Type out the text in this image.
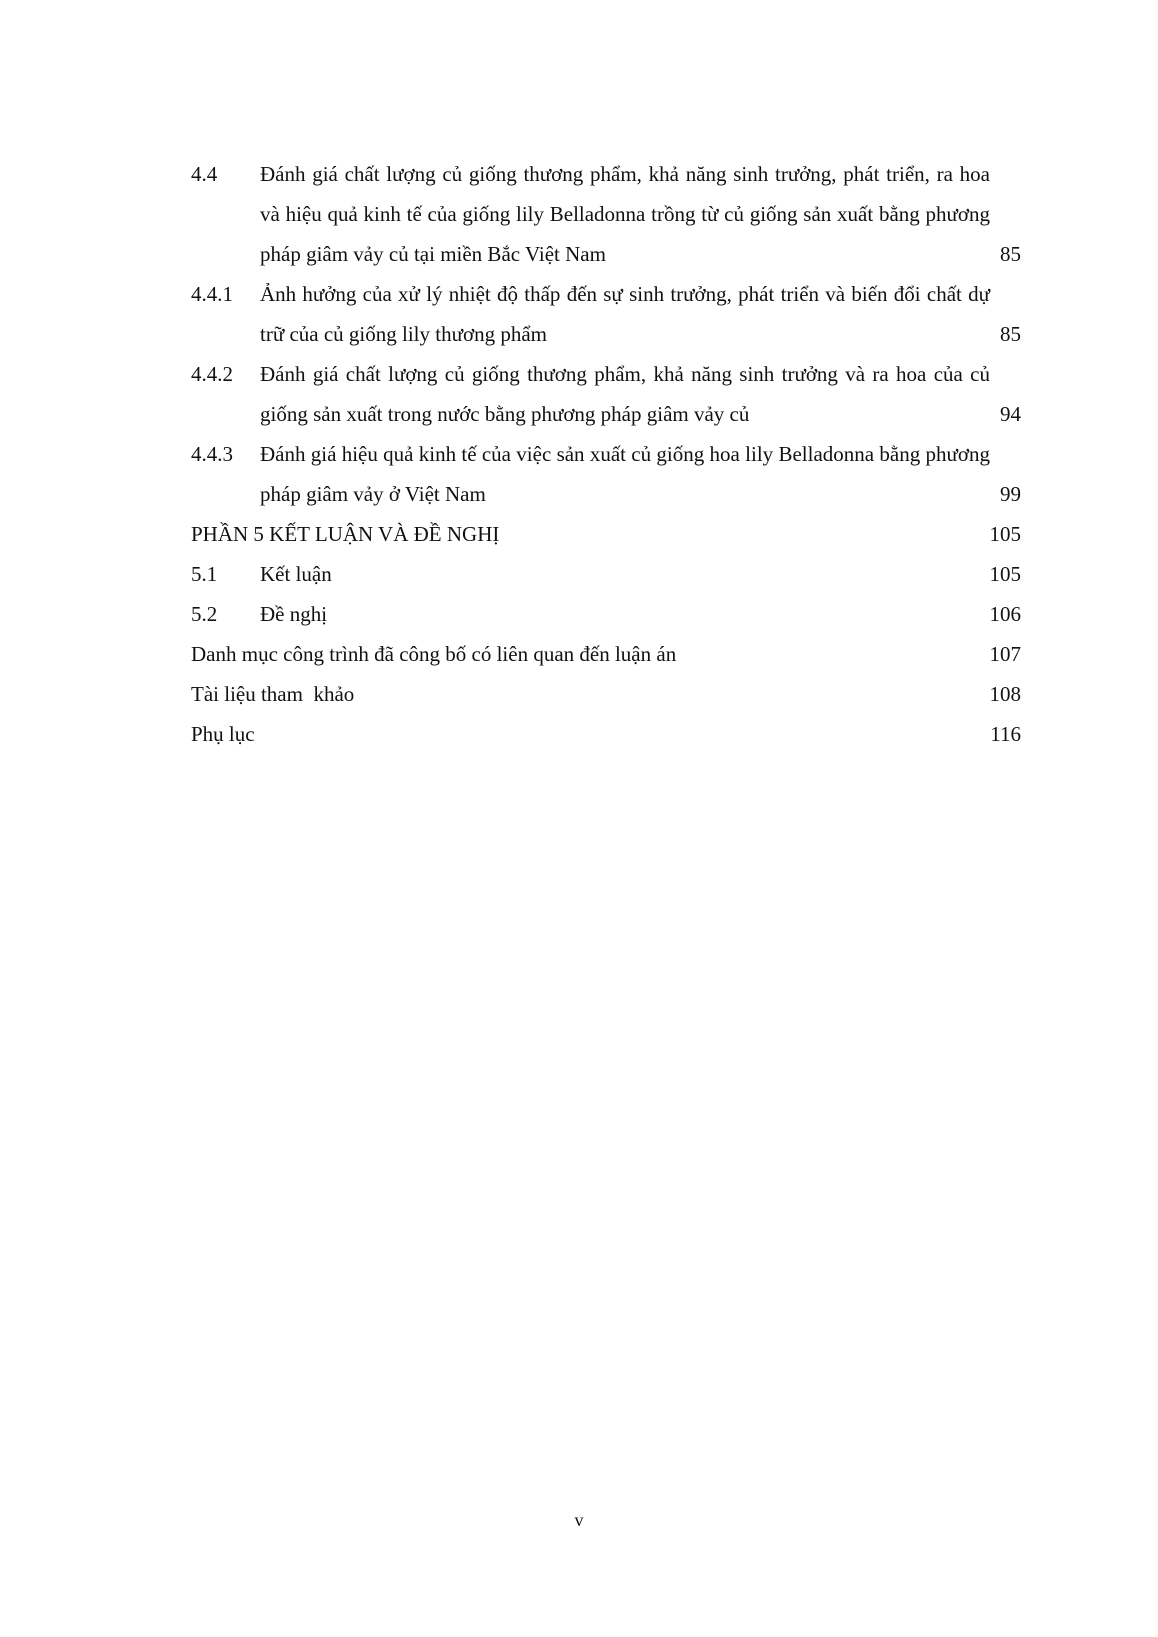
4.4 Đánh giá chất lượng củ giống thương phẩm, khả năng sinh trưởng, phát triển, ra hoa và hiệu quả kinh tế của giống lily Belladonna trồng từ củ giống sản xuất bằng phương pháp giâm vảy củ tại miền Bắc Việt Nam	85
4.4.1 Ảnh hưởng của xử lý nhiệt độ thấp đến sự sinh trưởng, phát triển và biến đổi chất dự trữ của củ giống lily thương phẩm	85
4.4.2 Đánh giá chất lượng củ giống thương phẩm, khả năng sinh trưởng và ra hoa của củ giống sản xuất trong nước bằng phương pháp giâm vảy củ	94
4.4.3 Đánh giá hiệu quả kinh tế của việc sản xuất củ giống hoa lily Belladonna bằng phương pháp giâm vảy ở Việt Nam	99
PHẦN 5 KẾT LUẬN VÀ ĐỀ NGHỊ	105
5.1 Kết luận	105
5.2 Đề nghị	106
Danh mục công trình đã công bố có liên quan đến luận án	107
Tài liệu tham  khảo	108
Phụ lục	116
v
